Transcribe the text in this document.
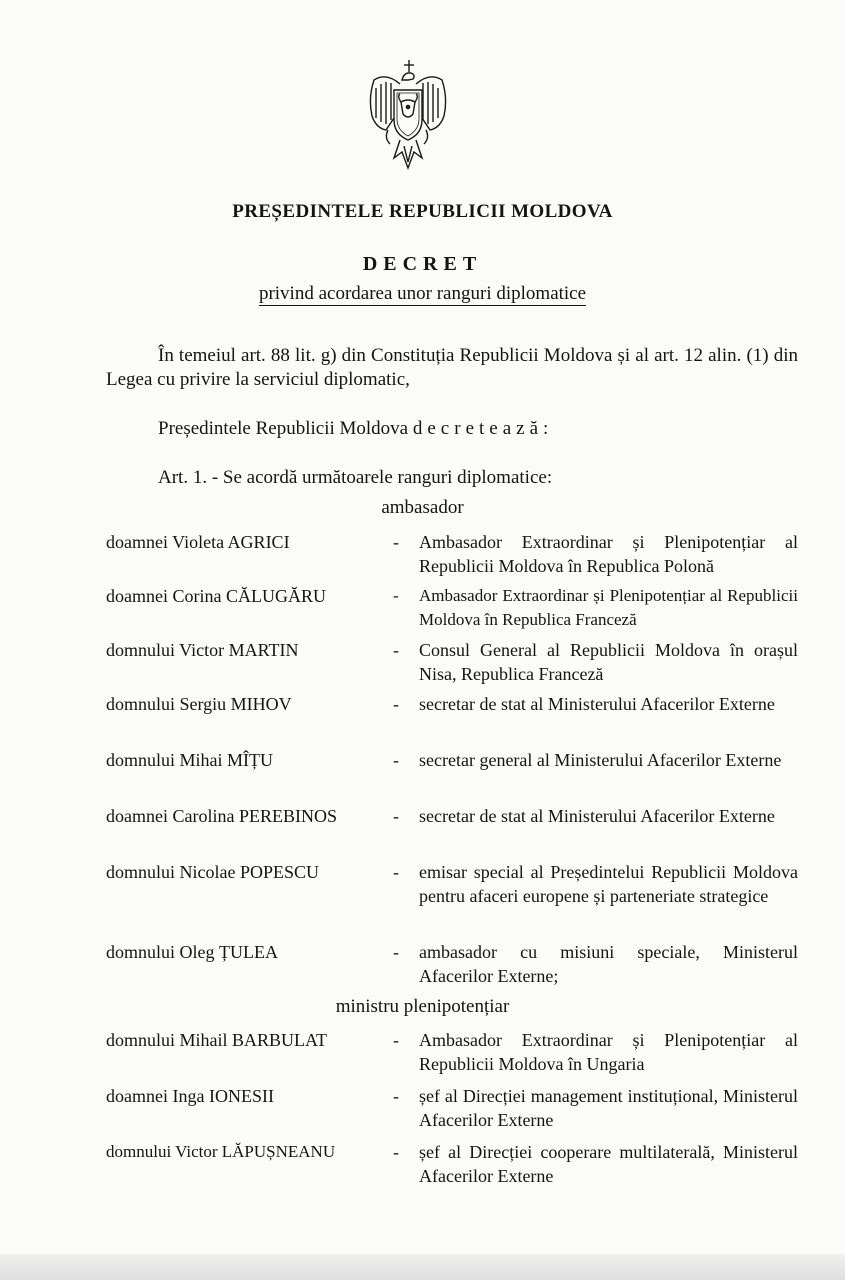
PREȘEDINTELE REPUBLICII MOLDOVA
DECRET
privind acordarea unor ranguri diplomatice
În temeiul art. 88 lit. g) din Constituția Republicii Moldova și al art. 12 alin. (1) din Legea cu privire la serviciul diplomatic,
Președintele Republicii Moldova decretează:
Art. 1. - Se acordă următoarele ranguri diplomatice:
ambasador
doamnei Violeta AGRICI	- Ambasador Extraordinar și Plenipotențiar al Republicii Moldova în Republica Polonă
doamnei Corina CĂLUGĂRU	- Ambasador Extraordinar și Plenipotențiar al Republicii Moldova în Republica Franceză
domnului Victor MARTIN	- Consul General al Republicii Moldova în orașul Nisa, Republica Franceză
domnului Sergiu MIHOV	- secretar de stat al Ministerului Afacerilor Externe
domnului Mihai MÎȚU	- secretar general al Ministerului Afacerilor Externe
doamnei Carolina PEREBINOS	- secretar de stat al Ministerului Afacerilor Externe
domnului Nicolae POPESCU	- emisar special al Președintelui Republicii Moldova pentru afaceri europene și parteneriate strategice
domnului Oleg ȚULEA	- ambasador cu misiuni speciale, Ministerul Afacerilor Externe;
ministru plenipotențiar
domnului Mihail BARBULAT	- Ambasador Extraordinar și Plenipotențiar al Republicii Moldova în Ungaria
doamnei Inga IONESII	- șef al Direcției management instituțional, Ministerul Afacerilor Externe
domnului Victor LĂPUȘNEANU	- șef al Direcției cooperare multilaterală, Ministerul Afacerilor Externe
